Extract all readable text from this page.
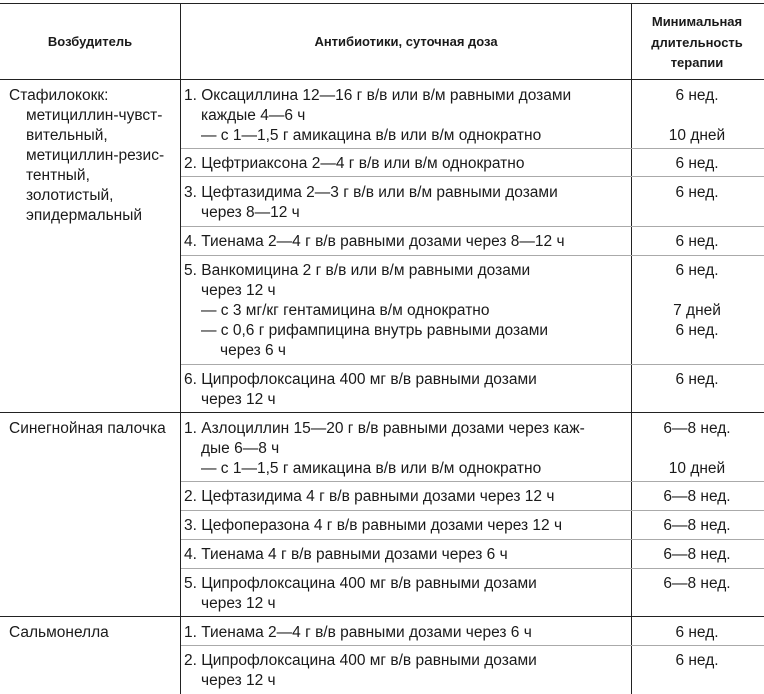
Возбудитель	Антибиотики, суточная доза
Минимальная
длительность
терапии
Стафилококк:
метициллин-чувст-
вительный,
метициллин-резис-
тентный,
золотистый,
эпидермальный
1. Оксациллина 12—16 г в/в или в/м равными дозами
каждые 4—6 ч
— с 1—1,5 г амикацина в/в или в/м однократно
2. Цефтриаксона 2—4 г в/в или в/м однократно
3. Цефтазидима 2—3 г в/в или в/м равными дозами
через 8—12 ч
4. Тиенама 2—4 г в/в равными дозами через 8—12 ч
5. Ванкомицина 2 г в/в или в/м равными дозами
через 12 ч
— с 3 мг/кг гентамицина в/м однократно
— с 0,6 г рифампицина внутрь равными дозами
через 6 ч
6. Ципрофлоксацина 400 мг в/в равными дозами
через 12 ч
6 нед.
10 дней
6 нед.
6 нед.
6 нед.
6 нед.
7 дней
6 нед.
6 нед.
Синегнойная палочка 1. Азлоциллин 15—20 г в/в равными дозами через каж-
дые 6—8 ч
— с 1—1,5 г амикацина в/в или в/м однократно
2. Цефтазидима 4 г в/в равными дозами через 12 ч
3. Цефоперазона 4 г в/в равными дозами через 12 ч
4. Тиенама 4 г в/в равными дозами через 6 ч
5. Ципрофлоксацина 400 мг в/в равными дозами
через 12 ч
6—8 нед.
10 дней
6—8 нед.
6—8 нед.
6—8 нед.
6—8 нед.
Сальмонелла	1. Тиенама 2—4 г в/в равными дозами через 6 ч
2. Ципрофлоксацина 400 мг в/в равными дозами
через 12 ч
6 нед.
6 нед.
